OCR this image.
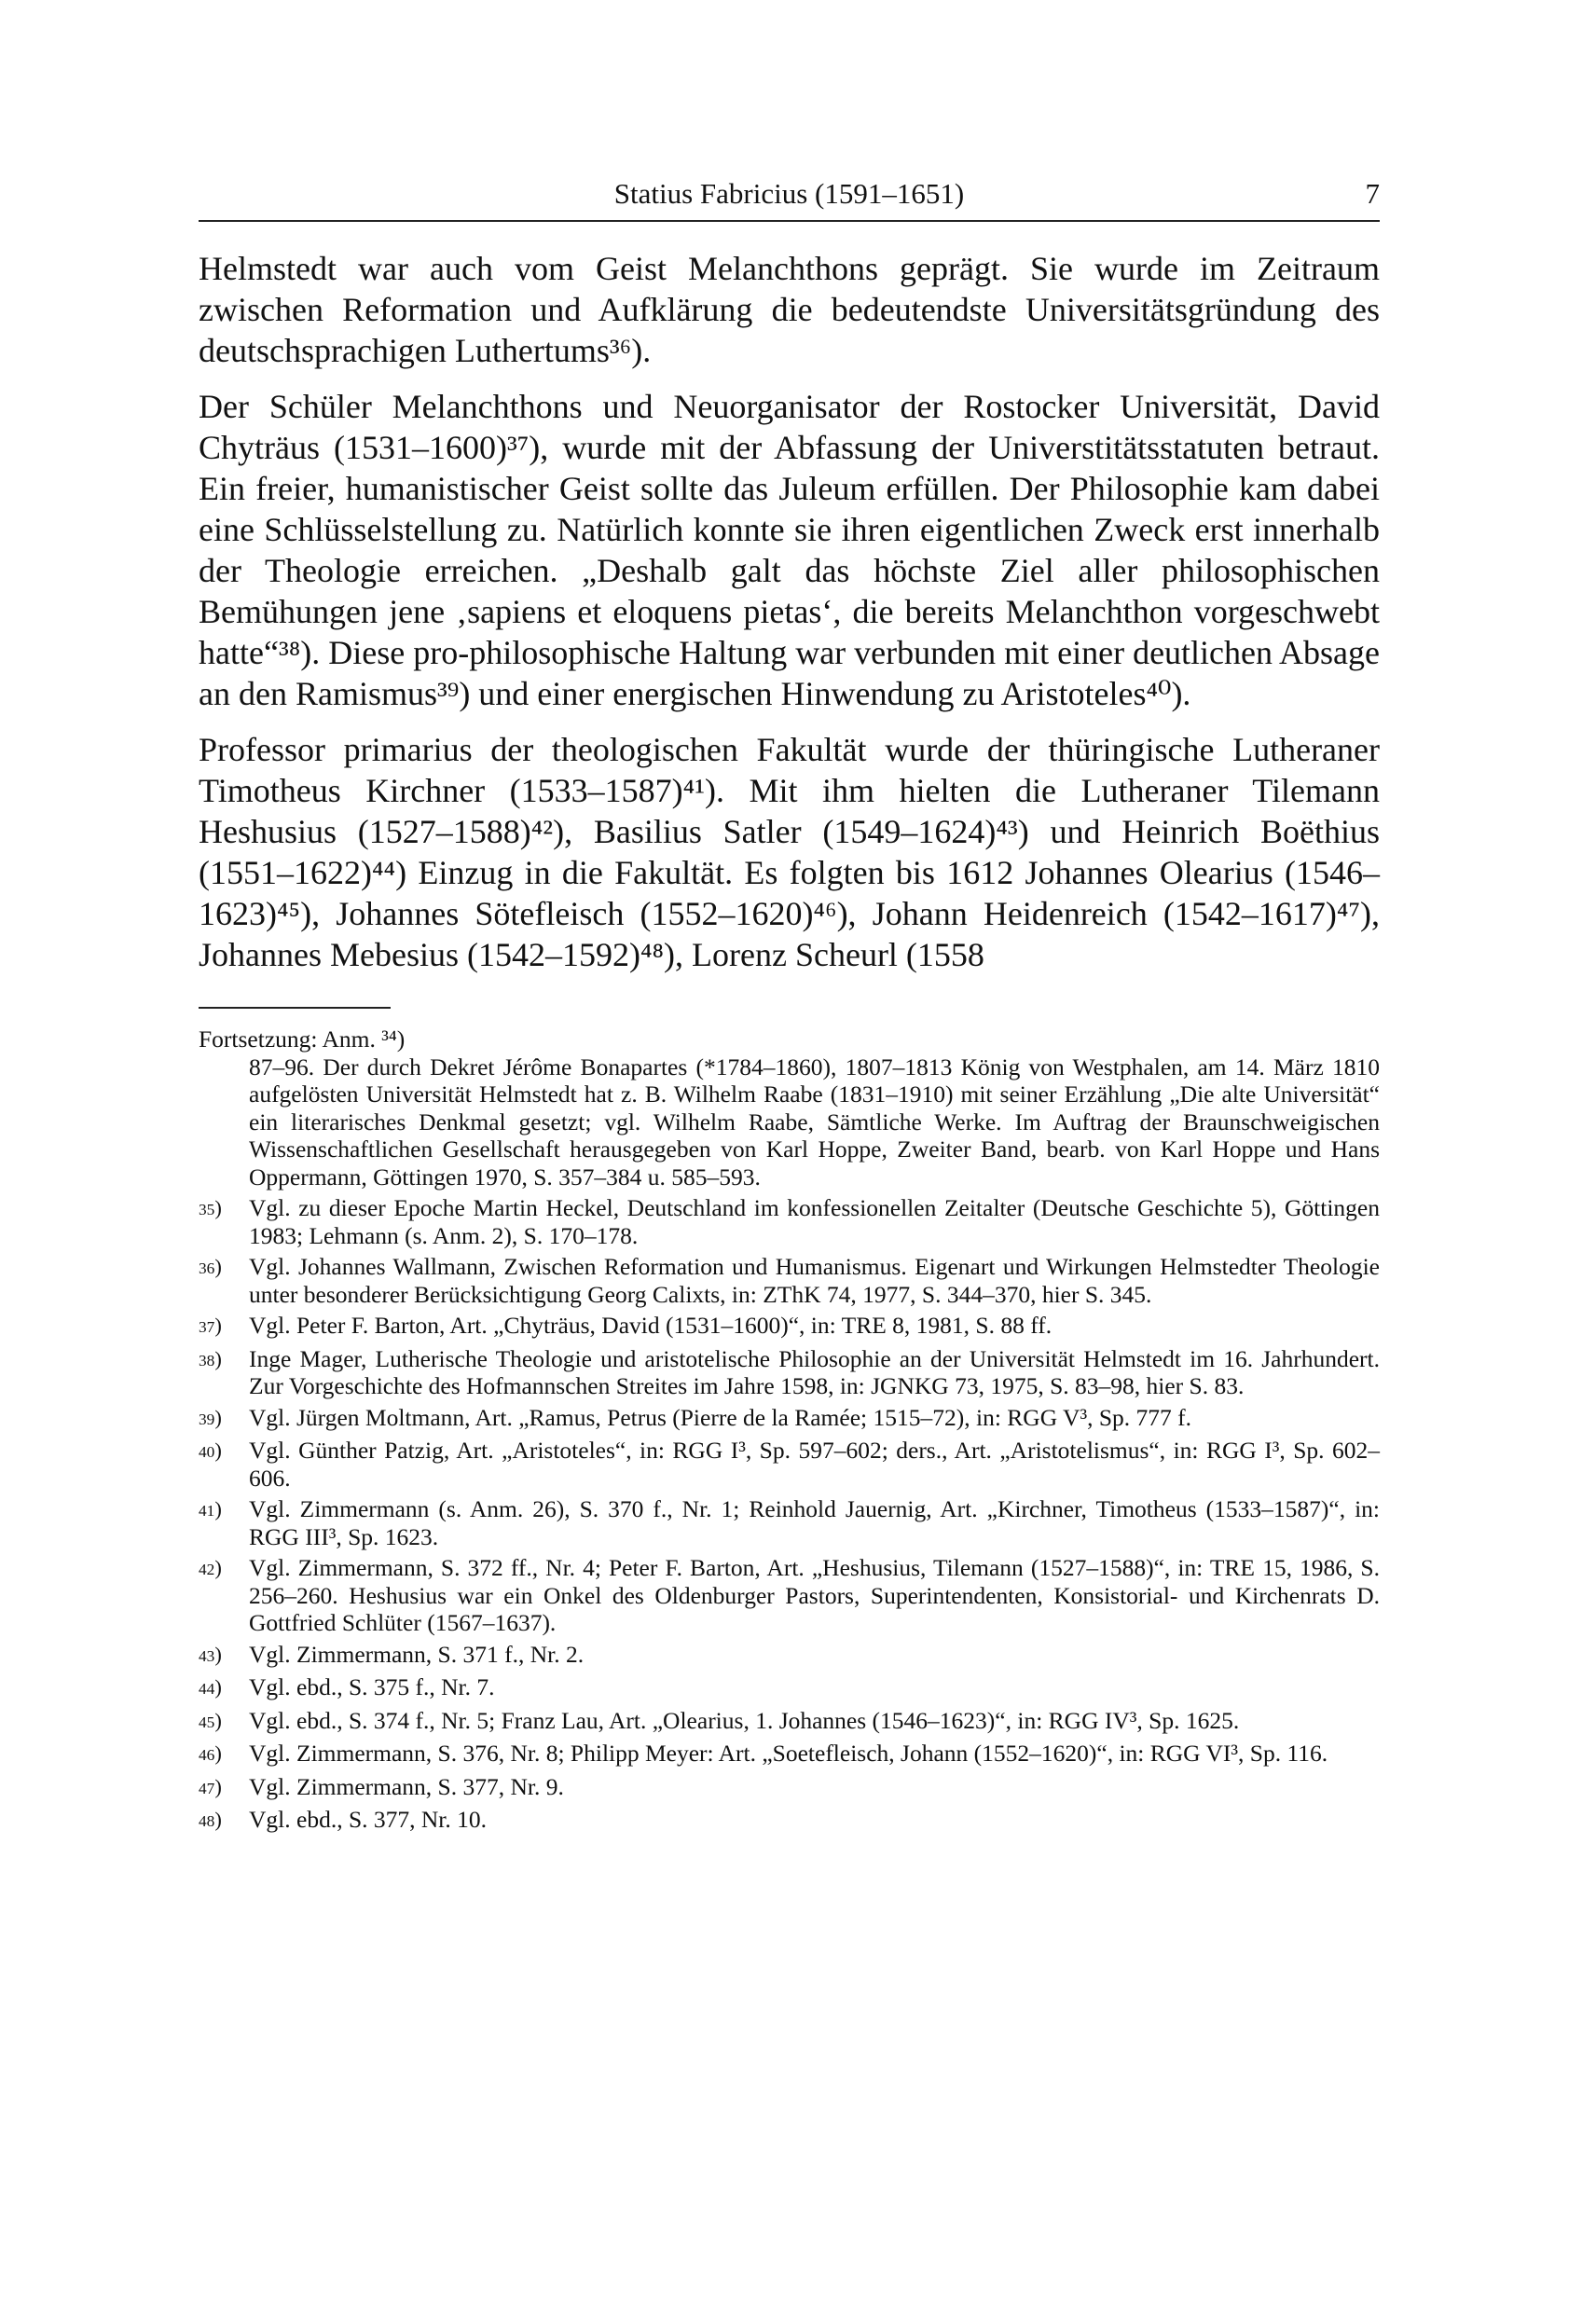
Statius Fabricius (1591–1651)	7

Helmstedt war auch vom Geist Melanchthons geprägt. Sie wurde im Zeitraum zwischen Reformation und Aufklärung die bedeutendste Universitätsgründung des deutschsprachigen Luthertums³⁶).

Der Schüler Melanchthons und Neuorganisator der Rostocker Universität, David Chyträus (1531–1600)³⁷), wurde mit der Abfassung der Universtitätsstatuten betraut. Ein freier, humanistischer Geist sollte das Juleum erfüllen. Der Philosophie kam dabei eine Schlüsselstellung zu. Natürlich konnte sie ihren eigentlichen Zweck erst innerhalb der Theologie erreichen. „Deshalb galt das höchste Ziel aller philosophischen Bemühungen jene ‚sapiens et eloquens pietas‘, die bereits Melanchthon vorgeschwebt hatte“³⁸). Diese pro-philosophische Haltung war verbunden mit einer deutlichen Absage an den Ramismus³⁹) und einer energischen Hinwendung zu Aristoteles⁴⁰).

Professor primarius der theologischen Fakultät wurde der thüringische Lutheraner Timotheus Kirchner (1533–1587)⁴¹). Mit ihm hielten die Lutheraner Tilemann Heshusius (1527–1588)⁴²), Basilius Satler (1549–1624)⁴³) und Heinrich Boëthius (1551–1622)⁴⁴) Einzug in die Fakultät. Es folgten bis 1612 Johannes Olearius (1546–1623)⁴⁵), Johannes Sötefleisch (1552–1620)⁴⁶), Johann Heidenreich (1542–1617)⁴⁷), Johannes Mebesius (1542–1592)⁴⁸), Lorenz Scheurl (1558

Fortsetzung: Anm. ³⁴)
87–96. Der durch Dekret Jérôme Bonapartes (*1784–1860), 1807–1813 König von Westphalen, am 14. März 1810 aufgelösten Universität Helmstedt hat z. B. Wilhelm Raabe (1831–1910) mit seiner Erzählung „Die alte Universität“ ein literarisches Denkmal gesetzt; vgl. Wilhelm Raabe, Sämtliche Werke. Im Auftrag der Braunschweigischen Wissenschaftlichen Gesellschaft herausgegeben von Karl Hoppe, Zweiter Band, bearb. von Karl Hoppe und Hans Oppermann, Göttingen 1970, S. 357–384 u. 585–593.
35)	Vgl. zu dieser Epoche Martin Heckel, Deutschland im konfessionellen Zeitalter (Deutsche Geschichte 5), Göttingen 1983; Lehmann (s. Anm. 2), S. 170–178.
36)	Vgl. Johannes Wallmann, Zwischen Reformation und Humanismus. Eigenart und Wirkungen Helmstedter Theologie unter besonderer Berücksichtigung Georg Calixts, in: ZThK 74, 1977, S. 344–370, hier S. 345.
37)	Vgl. Peter F. Barton, Art. „Chyträus, David (1531–1600)“, in: TRE 8, 1981, S. 88 ff.
38)	Inge Mager, Lutherische Theologie und aristotelische Philosophie an der Universität Helmstedt im 16. Jahrhundert. Zur Vorgeschichte des Hofmannschen Streites im Jahre 1598, in: JGNKG 73, 1975, S. 83–98, hier S. 83.
39)	Vgl. Jürgen Moltmann, Art. „Ramus, Petrus (Pierre de la Ramée; 1515–72), in: RGG V³, Sp. 777 f.
40)	Vgl. Günther Patzig, Art. „Aristoteles“, in: RGG I³, Sp. 597–602; ders., Art. „Aristotelismus“, in: RGG I³, Sp. 602–606.
41)	Vgl. Zimmermann (s. Anm. 26), S. 370 f., Nr. 1; Reinhold Jauernig, Art. „Kirchner, Timotheus (1533–1587)“, in: RGG III³, Sp. 1623.
42)	Vgl. Zimmermann, S. 372 ff., Nr. 4; Peter F. Barton, Art. „Heshusius, Tilemann (1527–1588)“, in: TRE 15, 1986, S. 256–260. Heshusius war ein Onkel des Oldenburger Pastors, Superintendenten, Konsistorial- und Kirchenrats D. Gottfried Schlüter (1567–1637).
43)	Vgl. Zimmermann, S. 371 f., Nr. 2.
44)	Vgl. ebd., S. 375 f., Nr. 7.
45)	Vgl. ebd., S. 374 f., Nr. 5; Franz Lau, Art. „Olearius, 1. Johannes (1546–1623)“, in: RGG IV³, Sp. 1625.
46)	Vgl. Zimmermann, S. 376, Nr. 8; Philipp Meyer: Art. „Soetefleisch, Johann (1552–1620)“, in: RGG VI³, Sp. 116.
47)	Vgl. Zimmermann, S. 377, Nr. 9.
48)	Vgl. ebd., S. 377, Nr. 10.
